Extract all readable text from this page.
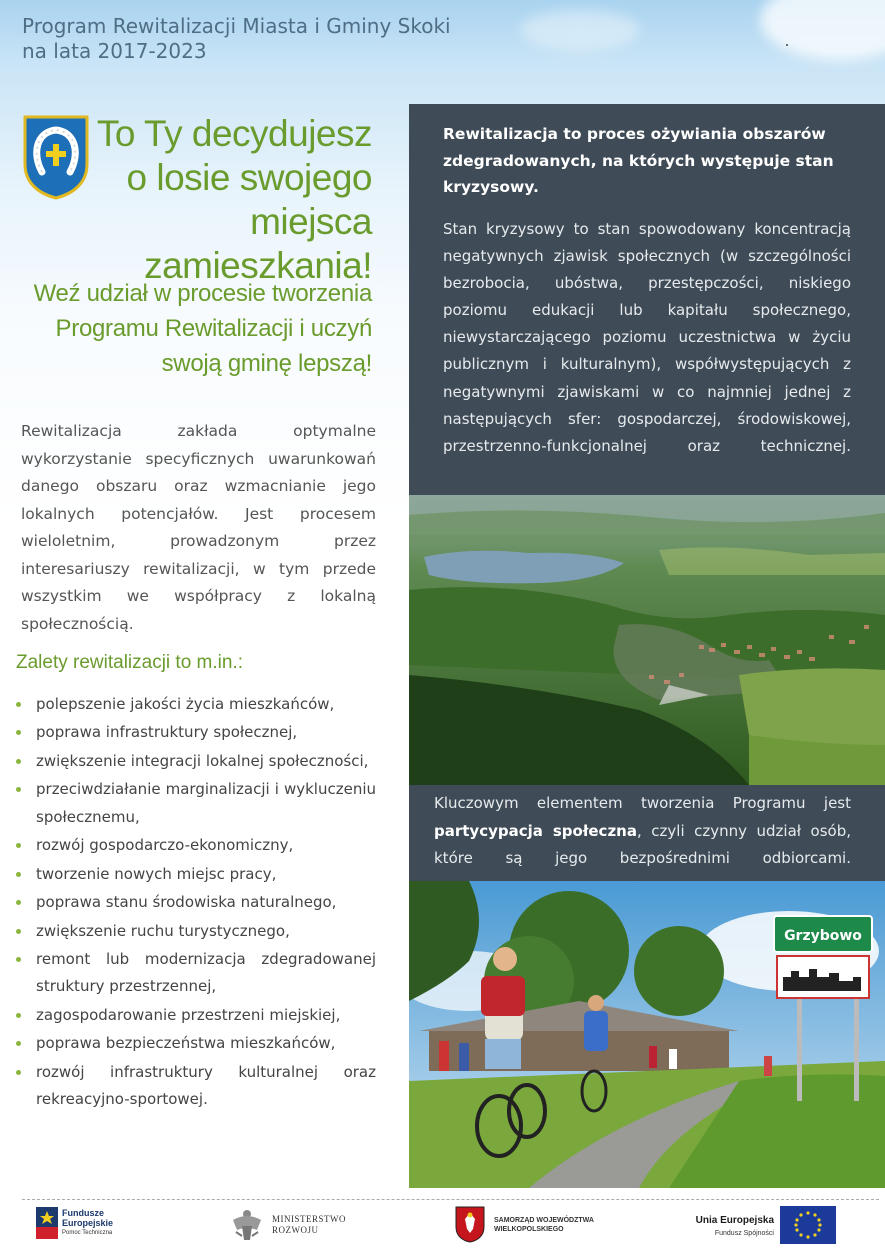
Program Rewitalizacji Miasta i Gminy Skoki
na lata 2017-2023
To Ty decydujesz
o losie swojego
miejsca zamieszkania!
Weź udział w procesie tworzenia
Programu Rewitalizacji i uczyń
swoją gminę lepszą!
Rewitalizacja zakłada optymalne wykorzystanie specyficznych uwarunkowań danego obszaru oraz wzmacnianie jego lokalnych potencjałów. Jest procesem wieloletnim, prowadzonym przez interesariuszy rewitalizacji, w tym przede wszystkim we współpracy z lokalną społecznością.
Zalety rewitalizacji to m.in.:
polepszenie jakości życia mieszkańców,
poprawa infrastruktury społecznej,
zwiększenie integracji lokalnej społeczności,
przeciwdziałanie marginalizacji i wykluczeniu społecznemu,
rozwój gospodarczo-ekonomiczny,
tworzenie nowych miejsc pracy,
poprawa stanu środowiska naturalnego,
zwiększenie ruchu turystycznego,
remont lub modernizacja zdegradowanej struktury przestrzennej,
zagospodarowanie przestrzeni miejskiej,
poprawa bezpieczeństwa mieszkańców,
rozwój infrastruktury kulturalnej oraz rekreacyjno-sportowej.
Rewitalizacja to proces ożywiania obszarów zdegradowanych, na których występuje stan kryzysowy.
Stan kryzysowy to stan spowodowany koncentracją negatywnych zjawisk społecznych (w szczególności bezrobocia, ubóstwa, przestępczości, niskiego poziomu edukacji lub kapitału społecznego, niewystarczającego poziomu uczestnictwa w życiu publicznym i kulturalnym), współwystępujących z negatywnymi zjawiskami w co najmniej jednej z następujących sfer: gospodarczej, środowiskowej, przestrzenno-funkcjonalnej oraz technicznej.
Kluczowym elementem tworzenia Programu jest partycypacja społeczna, czyli czynny udział osób, które są jego bezpośrednimi odbiorcami.
Grzybowo
Fundusze
Europejskie
Pomoc Techniczna
MINISTERSTWO
ROZWOJU
SAMORZĄD WOJEWÓDZTWA
WIELKOPOLSKIEGO
Unia Europejska
Fundusz Spójności
